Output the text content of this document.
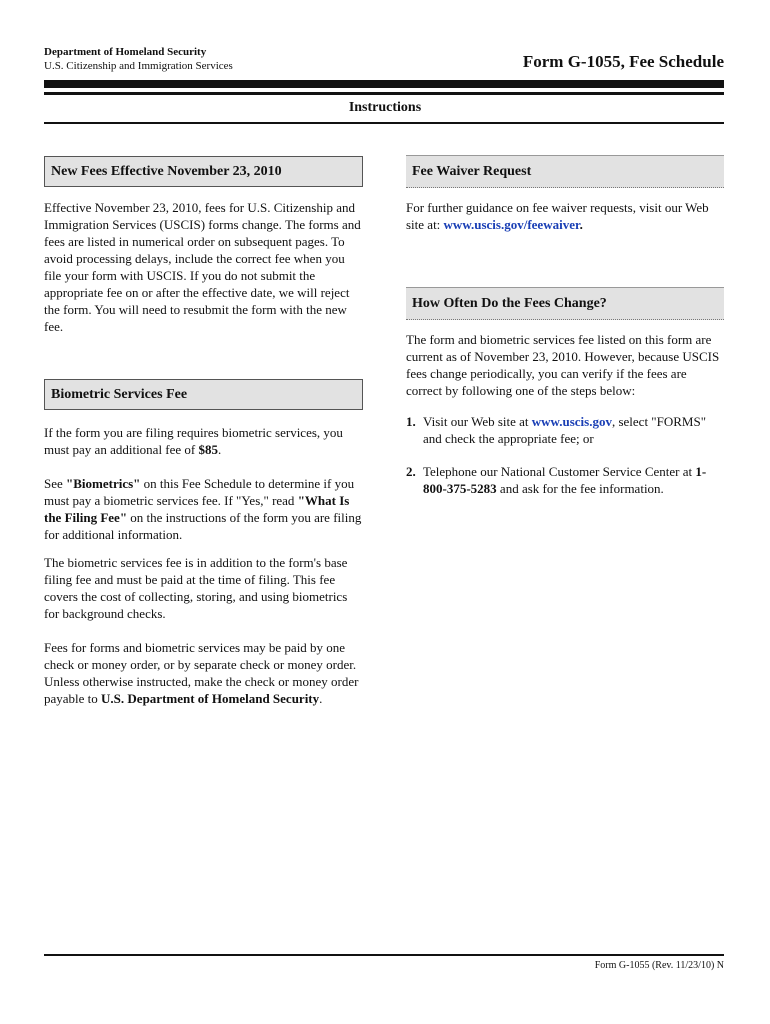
Department of Homeland Security
U.S. Citizenship and Immigration Services	Form G-1055, Fee Schedule
Instructions
New Fees Effective November 23, 2010

Effective November 23, 2010, fees for U.S. Citizenship and Immigration Services (USCIS) forms change. The forms and fees are listed in numerical order on subsequent pages. To avoid processing delays, include the correct fee when you file your form with USCIS. If you do not submit the appropriate fee on or after the effective date, we will reject the form. You will need to resubmit the form with the new fee.

Biometric Services Fee

If the form you are filing requires biometric services, you must pay an additional fee of $85.

See "Biometrics" on this Fee Schedule to determine if you must pay a biometric services fee. If "Yes," read "What Is the Filing Fee" on the instructions of the form you are filing for additional information.

The biometric services fee is in addition to the form's base filing fee and must be paid at the time of filing. This fee covers the cost of collecting, storing, and using biometrics for background checks.

Fees for forms and biometric services may be paid by one check or money order, or by separate check or money order. Unless otherwise instructed, make the check or money order payable to U.S. Department of Homeland Security.

Fee Waiver Request

For further guidance on fee waiver requests, visit our Web site at: www.uscis.gov/feewaiver.

How Often Do the Fees Change?

The form and biometric services fee listed on this form are current as of November 23, 2010. However, because USCIS fees change periodically, you can verify if the fees are correct by following one of the steps below:

1. Visit our Web site at www.uscis.gov, select "FORMS" and check the appropriate fee; or
2. Telephone our National Customer Service Center at 1-800-375-5283 and ask for the fee information.
Form G-1055 (Rev. 11/23/10) N
